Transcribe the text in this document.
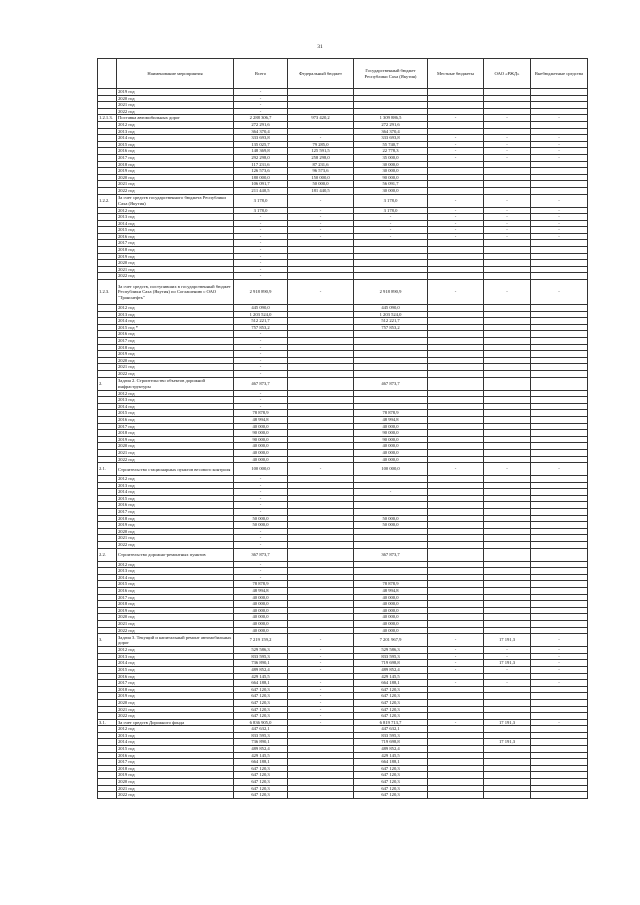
31
	Наименование мероприятия	Всего	Федеральный бюджет	Государственный бюджет Республики Саха (Якутия)	Местные бюджеты	ОАО «РЖД»	Внебюджетные средства
	2019 год	-					
	2020 год	-					
	2021 год	-					
	2022 год	-					
1.2.1.3.	Поставка автомобильных дорог	2 288 306,7	973 420,2	1 309 886,5	-	-	-
	2012 год	272 291,6		272 291,6			
	2013 год	364 370,4		364 370,4			
	2014 год	333 693,8	-	333 693,8	-	-	-
	2015 год	135 025,7	79 285,0	55 740,7	-	-	-
	2016 год	148 369,8	125 591,5	22 778,3	-	-	-
	2017 год	292 298,0	258 298,0	35 000,0	-	-	-
	2018 год	117 231,6	87 231,6	30 000,0			
	2019 год	126 573,6	96 573,6	30 000,0			
	2020 год	180 000,0	150 000,0	90 000,0			
	2021 год	106 091,7	50 000,0	56 091,7			
	2022 год	211 440,5	181 440,5	30 000,0			
1.2.2.	За счет средств государственного бюджета Республики Саха (Якутия)	3 178,0	-	3 178,0	-	-	-
	2012 год	3 178,0	-	3 178,0	-	-	-
	2013 год	-	-	-	-	-	-
	2014 год	-	-	-	-	-	-
	2015 год	-	-	-	-	-	-
	2016 год	-	-	-	-	-	-
	2017 год	-					
	2018 год	-					
	2019 год	-					
	2020 год	-					
	2021 год	-					
	2022 год	-					
1.2.3.	За счет средств, поступивших в государственный бюджет Республики Саха (Якутия) по Соглашению с ОАО "Транснефть"	2 918 890,9	-	2 918 890,9	-	-	-
	2012 год	445 090,0		445 090,0			
	2013 год	1 203 524,0		1 203 524,0			
	2014 год	512 221,7		512 221,7			
	2015 год *	757 853,2		757 853,2			
	2016 год	-					
	2017 год	-					
	2018 год	-					
	2019 год	-					
	2020 год	-					
	2021 год	-					
	2022 год	-					
2.	Задача 2. Строительство объектов дорожной инфраструктуры	467 873,7		467 873,7			
	2012 год	-					
	2013 год	-					
	2014 год	-					
	2015 год	78 878,9		78 878,9			
	2016 год	48 994,8		48 994,8			
	2017 год	40 000,0		40 000,0			
	2018 год	90 000,0		90 000,0			
	2019 год	90 000,0		90 000,0			
	2020 год	40 000,0		40 000,0			
	2021 год	40 000,0		40 000,0			
	2022 год	40 000,0		40 000,0			
2.1.	Строительство стационарных пунктов весового контроля	100 000,0	-	100 000,0	-	-	-
	2012 год	-					
	2013 год	-					
	2014 год	-		-			
	2015 год	-					
	2016 год	-					
	2017 год	-					
	2018 год	50 000,0		50 000,0			
	2019 год	50 000,0		50 000,0			
	2020 год	-					
	2021 год	-					
	2022 год	-					
2.2.	Строительство дорожно-ремонтных пунктов	367 873,7		367 873,7			
	2012 год	-					
	2013 год	-					
	2014 год	-					
	2015 год	78 878,9		78 878,9			
	2016 год	48 994,8		48 994,8			
	2017 год	40 000,0		40 000,0			
	2018 год	40 000,0		40 000,0			
	2019 год	40 000,0		40 000,0			
	2020 год	40 000,0		40 000,0			
	2021 год	40 000,0		40 000,0			
	2022 год	40 000,0		40 000,0			
3.	Задача 3. Текущий и капитальный ремонт автомобильных дорог	7 219 159,2	-	7 201 967,9	-	17 191,3	-
	2012 год	529 586,3	-	529 586,3	-	-	-
	2013 год	833 595,3	-	833 595,3	-	-	-
	2014 год	736 890,1	-	719 698,8	-	17 191,3	-
	2015 год	489 852,4	-	489 852,4	-	-	-
	2016 год	429 145,5		429 145,5			
	2017 год	664 188,1	-	664 188,1	-	-	-
	2018 год	647 120,3	-	647 120,3			
	2019 год	647 120,3	-	647 120,3			
	2020 год	647 120,3	-	647 120,3			
	2021 год	647 120,3	-	647 120,3			
	2022 год	647 120,3	-	647 120,3			
3.1.	За счет средств Дорожного фонда	6 836 905,0	-	6 819 713,7	-	17 191,3	-
	2012 год	447 632,1		447 632,1			
	2013 год	833 595,3		833 595,3			
	2014 год	736 890,1		719 698,8		17 191,3	
	2015 год	489 852,4		489 852,4			
	2016 год	429 145,5		429 145,5			
	2017 год	664 188,1		664 188,1			
	2018 год	647 120,3		647 120,3			
	2019 год	647 120,3		647 120,3			
	2020 год	647 120,3		647 120,3			
	2021 год	647 120,3		647 120,3			
	2022 год	647 120,3		647 120,3			
